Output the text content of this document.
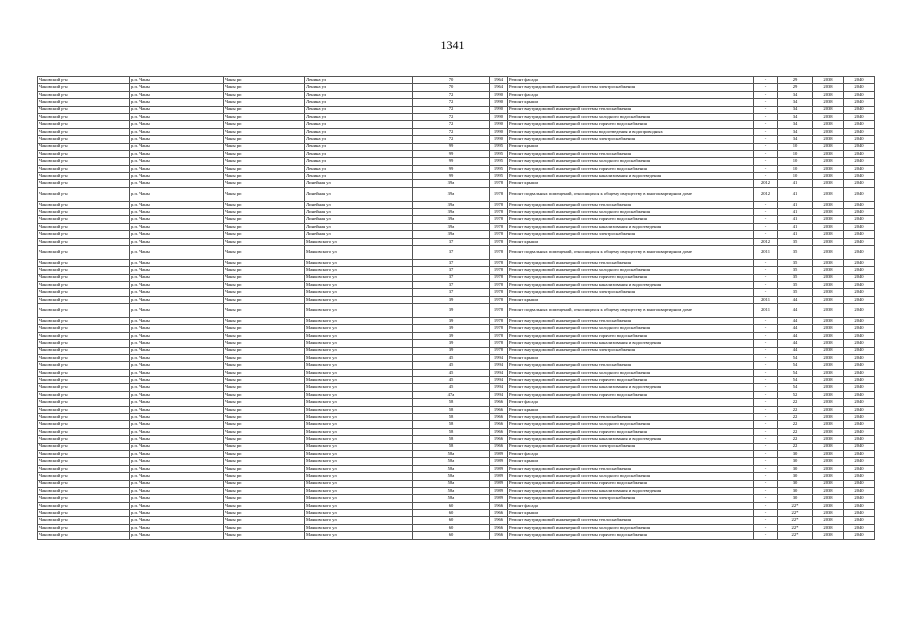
1341
Чановский р-н	р.п. Чаны	Чаны рп	Ленина ул	70	1964	Ремонт фасада	-	29	2038	2040
Чановский р-н	р.п. Чаны	Чаны рп	Ленина ул	70	1964	Ремонт внутридомовой инженерной системы электроснабжения	-	29	2038	2040
Чановский р-н	р.п. Чаны	Чаны рп	Ленина ул	72	1990	Ремонт фасада	-	34	2038	2040
Чановский р-н	р.п. Чаны	Чаны рп	Ленина ул	72	1990	Ремонт крыши	-	34	2038	2040
Чановский р-н	р.п. Чаны	Чаны рп	Ленина ул	72	1990	Ремонт внутридомовой инженерной системы теплоснабжения	-	34	2038	2040
Чановский р-н	р.п. Чаны	Чаны рп	Ленина ул	72	1990	Ремонт внутридомовой инженерной системы холодного водоснабжения	-	34	2038	2040
Чановский р-н	р.п. Чаны	Чаны рп	Ленина ул	72	1990	Ремонт внутридомовой инженерной системы горячего водоснабжения	-	34	2038	2040
Чановский р-н	р.п. Чаны	Чаны рп	Ленина ул	72	1990	Ремонт внутридомовой инженерной системы водоотведения и водопроводных	-	34	2038	2040
Чановский р-н	р.п. Чаны	Чаны рп	Ленина ул	72	1990	Ремонт внутридомовой инженерной системы электроснабжения	-	34	2038	2040
Чановский р-н	р.п. Чаны	Чаны рп	Ленина ул	99	1995	Ремонт крыши	-	10	2038	2040
Чановский р-н	р.п. Чаны	Чаны рп	Ленина ул	99	1995	Ремонт внутридомовой инженерной системы теплоснабжения	-	10	2038	2040
Чановский р-н	р.п. Чаны	Чаны рп	Ленина ул	99	1995	Ремонт внутридомовой инженерной системы холодного водоснабжения	-	10	2038	2040
Чановский р-н	р.п. Чаны	Чаны рп	Ленина ул	99	1995	Ремонт внутридомовой инженерной системы горячего водоснабжения	-	10	2038	2040
Чановский р-н	р.п. Чаны	Чаны рп	Ленина ул	99	1995	Ремонт внутридомовой инженерной системы канализования и водоотведения	-	10	2038	2040
Чановский р-н	р.п. Чаны	Чаны рп	Линейная ул	39а	1978	Ремонт крыши	2012	41	2038	2040
Чановский р-н	р.п. Чаны	Чаны рп	Линейная ул	39а	1978	Ремонт подвальных помещений, относящихся к общему имуществу в многоквартирном доме	2012	41	2038	2040
Чановский р-н	р.п. Чаны	Чаны рп	Линейная ул	39а	1978	Ремонт внутридомовой инженерной системы теплоснабжения	-	41	2038	2040
Чановский р-н	р.п. Чаны	Чаны рп	Линейная ул	39а	1978	Ремонт внутридомовой инженерной системы холодного водоснабжения	-	41	2038	2040
Чановский р-н	р.п. Чаны	Чаны рп	Линейная ул	39а	1978	Ремонт внутридомовой инженерной системы горячего водоснабжения	-	41	2038	2040
Чановский р-н	р.п. Чаны	Чаны рп	Линейная ул	39а	1978	Ремонт внутридомовой инженерной системы канализования и водоотведения	-	41	2038	2040
Чановский р-н	р.п. Чаны	Чаны рп	Линейная ул	39а	1978	Ремонт внутридомовой инженерной системы электроснабжения	-	41	2038	2040
Чановский р-н	р.п. Чаны	Чаны рп	Маяковского ул	37	1978	Ремонт крыши	2012	35	2038	2040
Чановский р-н	р.п. Чаны	Чаны рп	Маяковского ул	37	1978	Ремонт подвальных помещений, относящихся к общему имуществу в многоквартирном доме	2011	35	2038	2040
Чановский р-н	р.п. Чаны	Чаны рп	Маяковского ул	37	1978	Ремонт внутридомовой инженерной системы теплоснабжения	-	35	2038	2040
Чановский р-н	р.п. Чаны	Чаны рп	Маяковского ул	37	1978	Ремонт внутридомовой инженерной системы холодного водоснабжения	-	35	2038	2040
Чановский р-н	р.п. Чаны	Чаны рп	Маяковского ул	37	1978	Ремонт внутридомовой инженерной системы горячего водоснабжения	-	35	2038	2040
Чановский р-н	р.п. Чаны	Чаны рп	Маяковского ул	37	1978	Ремонт внутридомовой инженерной системы канализования и водоотведения	-	35	2038	2040
Чановский р-н	р.п. Чаны	Чаны рп	Маяковского ул	37	1978	Ремонт внутридомовой инженерной системы электроснабжения	-	35	2038	2040
Чановский р-н	р.п. Чаны	Чаны рп	Маяковского ул	39	1978	Ремонт крыши	2011	44	2038	2040
Чановский р-н	р.п. Чаны	Чаны рп	Маяковского ул	39	1978	Ремонт подвальных помещений, относящихся к общему имуществу в многоквартирном доме	2011	44	2038	2040
Чановский р-н	р.п. Чаны	Чаны рп	Маяковского ул	39	1978	Ремонт внутридомовой инженерной системы теплоснабжения	-	44	2038	2040
Чановский р-н	р.п. Чаны	Чаны рп	Маяковского ул	39	1978	Ремонт внутридомовой инженерной системы холодного водоснабжения	-	44	2038	2040
Чановский р-н	р.п. Чаны	Чаны рп	Маяковского ул	39	1978	Ремонт внутридомовой инженерной системы горячего водоснабжения	-	44	2038	2040
Чановский р-н	р.п. Чаны	Чаны рп	Маяковского ул	39	1978	Ремонт внутридомовой инженерной системы канализования и водоотведения	-	44	2038	2040
Чановский р-н	р.п. Чаны	Чаны рп	Маяковского ул	39	1978	Ремонт внутридомовой инженерной системы электроснабжения	-	44	2038	2040
Чановский р-н	р.п. Чаны	Чаны рп	Маяковского ул	45	1994	Ремонт крыши	-	54	2038	2040
Чановский р-н	р.п. Чаны	Чаны рп	Маяковского ул	45	1994	Ремонт внутридомовой инженерной системы теплоснабжения	-	54	2038	2040
Чановский р-н	р.п. Чаны	Чаны рп	Маяковского ул	45	1994	Ремонт внутридомовой инженерной системы холодного водоснабжения	-	54	2038	2040
Чановский р-н	р.п. Чаны	Чаны рп	Маяковского ул	45	1994	Ремонт внутридомовой инженерной системы горячего водоснабжения	-	54	2038	2040
Чановский р-н	р.п. Чаны	Чаны рп	Маяковского ул	45	1994	Ремонт внутридомовой инженерной системы канализования и водоотведения	-	54	2038	2040
Чановский р-н	р.п. Чаны	Чаны рп	Маяковского ул	47а	1994	Ремонт внутридомовой инженерной системы горячего водоснабжения	-	52	2038	2040
Чановский р-н	р.п. Чаны	Чаны рп	Маяковского ул	58	1966	Ремонт фасада	-	22	2038	2040
Чановский р-н	р.п. Чаны	Чаны рп	Маяковского ул	58	1966	Ремонт крыши	-	22	2038	2040
Чановский р-н	р.п. Чаны	Чаны рп	Маяковского ул	58	1966	Ремонт внутридомовой инженерной системы теплоснабжения	-	22	2038	2040
Чановский р-н	р.п. Чаны	Чаны рп	Маяковского ул	58	1966	Ремонт внутридомовой инженерной системы холодного водоснабжения	-	22	2038	2040
Чановский р-н	р.п. Чаны	Чаны рп	Маяковского ул	58	1966	Ремонт внутридомовой инженерной системы горячего водоснабжения	-	22	2038	2040
Чановский р-н	р.п. Чаны	Чаны рп	Маяковского ул	58	1966	Ремонт внутридомовой инженерной системы канализования и водоотведения	-	22	2038	2040
Чановский р-н	р.п. Чаны	Чаны рп	Маяковского ул	58	1966	Ремонт внутридомовой инженерной системы электроснабжения	-	22	2038	2040
Чановский р-н	р.п. Чаны	Чаны рп	Маяковского ул	58а	1989	Ремонт фасада	-	30	2038	2040
Чановский р-н	р.п. Чаны	Чаны рп	Маяковского ул	58а	1989	Ремонт крыши	-	30	2038	2040
Чановский р-н	р.п. Чаны	Чаны рп	Маяковского ул	58а	1989	Ремонт внутридомовой инженерной системы теплоснабжения	-	30	2038	2040
Чановский р-н	р.п. Чаны	Чаны рп	Маяковского ул	58а	1989	Ремонт внутридомовой инженерной системы холодного водоснабжения	-	30	2038	2040
Чановский р-н	р.п. Чаны	Чаны рп	Маяковского ул	58а	1989	Ремонт внутридомовой инженерной системы горячего водоснабжения	-	30	2038	2040
Чановский р-н	р.п. Чаны	Чаны рп	Маяковского ул	58а	1989	Ремонт внутридомовой инженерной системы канализования и водоотведения	-	30	2038	2040
Чановский р-н	р.п. Чаны	Чаны рп	Маяковского ул	58а	1989	Ремонт внутридомовой инженерной системы электроснабжения	-	30	2038	2040
Чановский р-н	р.п. Чаны	Чаны рп	Маяковского ул	60	1966	Ремонт фасада	-	22*	2038	2040
Чановский р-н	р.п. Чаны	Чаны рп	Маяковского ул	60	1966	Ремонт крыши	-	22*	2038	2040
Чановский р-н	р.п. Чаны	Чаны рп	Маяковского ул	60	1966	Ремонт внутридомовой инженерной системы теплоснабжения	-	22*	2038	2040
Чановский р-н	р.п. Чаны	Чаны рп	Маяковского ул	60	1966	Ремонт внутридомовой инженерной системы холодного водоснабжения	-	22*	2038	2040
Чановский р-н	р.п. Чаны	Чаны рп	Маяковского ул	60	1966	Ремонт внутридомовой инженерной системы горячего водоснабжения	-	22*	2038	2040
